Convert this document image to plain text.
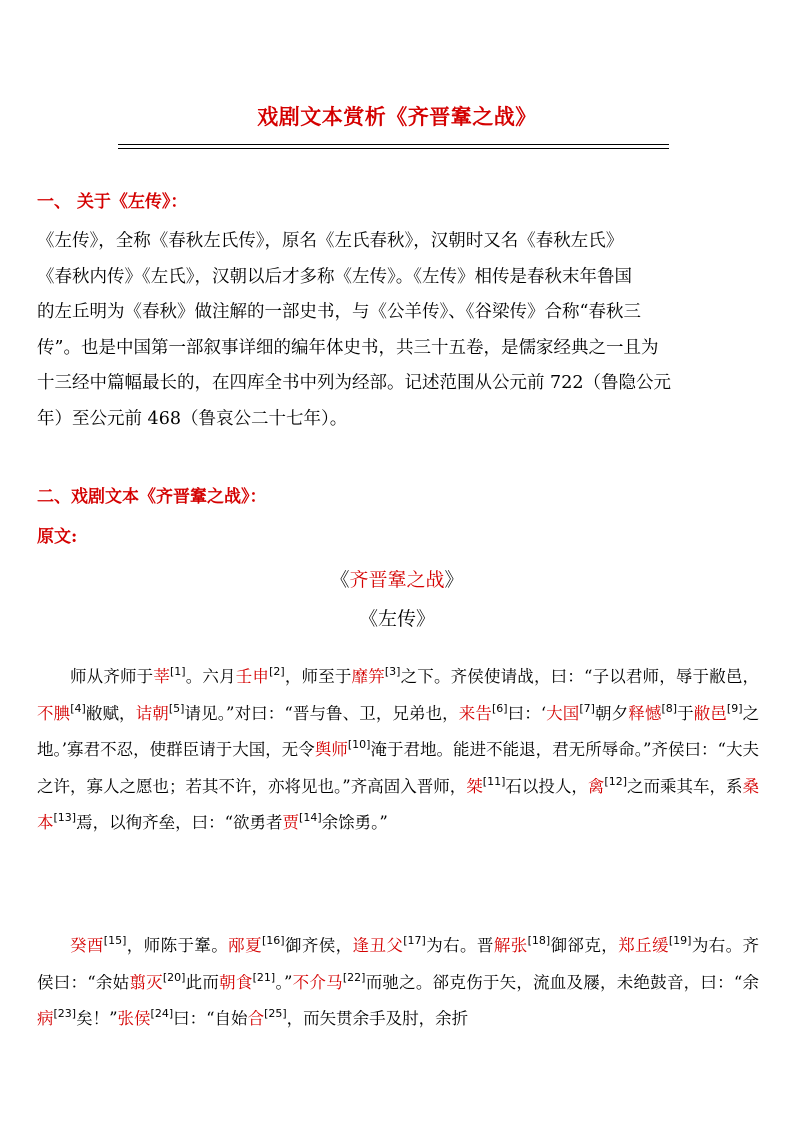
戏剧文本赏析《齐晋鞌之战》
一、 关于《左传》：

《左传》，全称《春秋左氏传》，原名《左氏春秋》，汉朝时又名《春秋左氏》

《春秋内传》《左氏》，汉朝以后才多称《左传》。《左传》相传是春秋末年鲁国

的左丘明为《春秋》做注解的一部史书，与《公羊传》、《谷梁传》合称“春秋三

传”。也是中国第一部叙事详细的编年体史书，共三十五卷，是儒家经典之一且为

十三经中篇幅最长的，在四库全书中列为经部。记述范围从公元前 722（鲁隐公元

年）至公元前 468（鲁哀公二十七年）。

二、戏剧文本《齐晋鞌之战》：
原文:
《齐晋鞌之战》
《左传》

师从齐师于莘[1]。六月壬申[2]，师至于靡笄[3]之下。齐侯使请战，曰：“子以君师，辱于敝邑，不腆[4]敝赋，诘朝[5]请见。”对曰：“晋与鲁、卫，兄弟也，来告[6]曰：‘大国[7]朝夕释憾[8]于敝邑[9]之地。’寡君不忍，使群臣请于大国，无令舆师[10]淹于君地。能进不能退，君无所辱命。”齐侯曰：“大夫之许，寡人之愿也；若其不许，亦将见也。”齐高固入晋师，桀[11]石以投人，禽[12]之而乘其车，系桑本[13]焉，以徇齐垒，曰：“欲勇者贾[14]余馀勇。”

癸酉[15]，师陈于鞌。邴夏[16]御齐侯，逢丑父[17]为右。晋解张[18]御郤克，郑丘缓[19]为右。齐侯曰：“余姑翦灭[20]此而朝食[21]。”不介马[22]而驰之。郤克伤于矢，流血及屦，未绝鼓音，曰：“余病[23]矣！”张侯[24]曰：“自始合[25]，而矢贯余手及肘，余折
